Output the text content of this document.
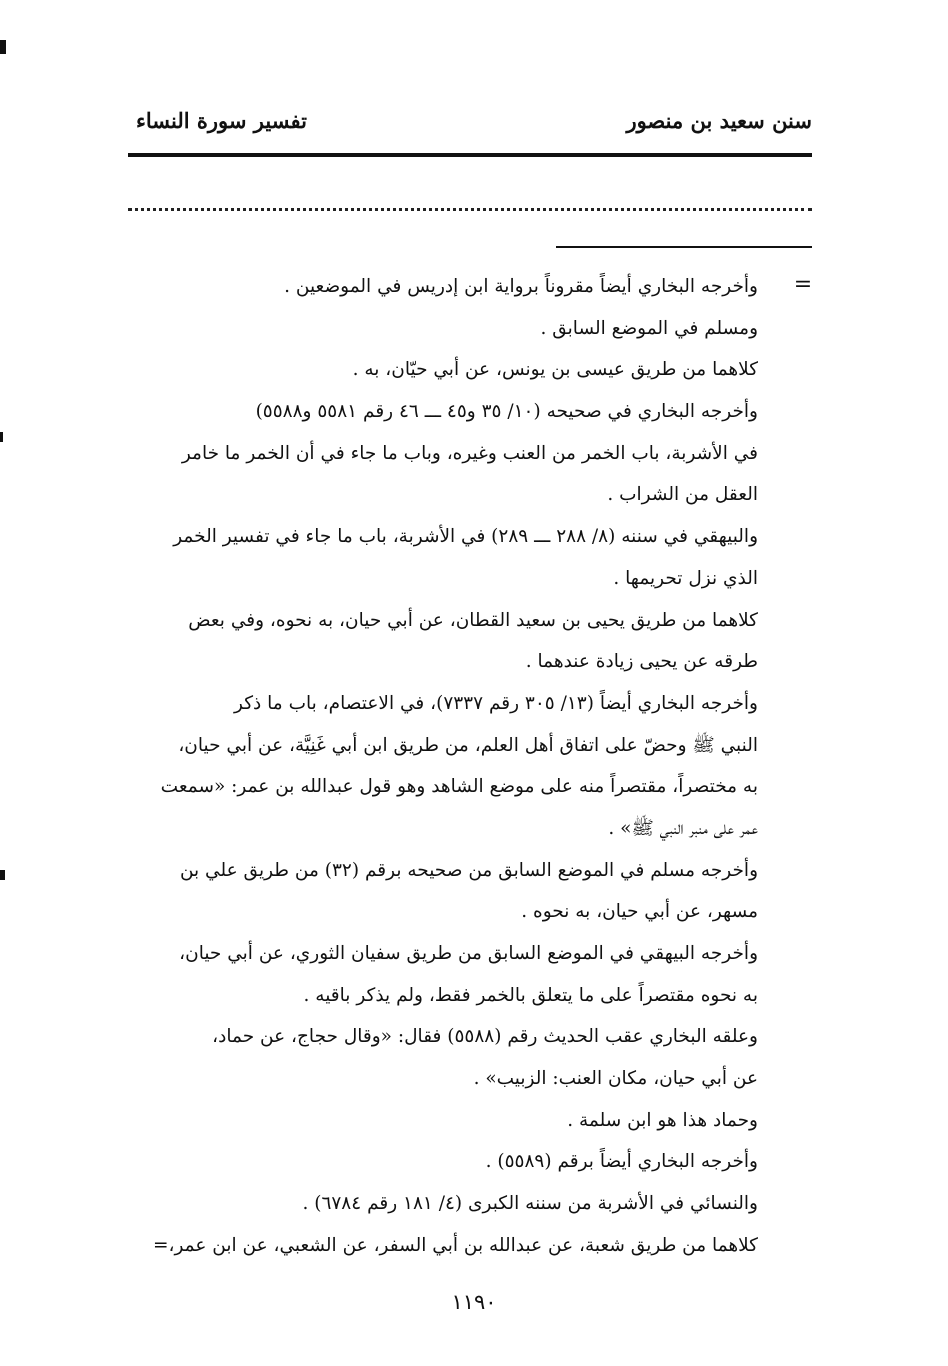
سنن سعيد بن منصور
تفسير سورة النساء
=
وأخرجه البخاري أيضاً مقروناً برواية ابن إدريس في الموضعين .
ومسلم في الموضع السابق .
كلاهما من طريق عيسى بن يونس، عن أبي حيّان، به .
وأخرجه البخاري في صحيحه (١٠/ ٣٥ و٤٥ ـــ ٤٦ رقم ٥٥٨١ و٥٥٨٨)
في الأشربة، باب الخمر من العنب وغيره، وباب ما جاء في أن الخمر ما خامر
العقل من الشراب .
والبيهقي في سننه (٨/ ٢٨٨ ـــ ٢٨٩) في الأشربة، باب ما جاء في تفسير الخمر
الذي نزل تحريمها .
كلاهما من طريق يحيى بن سعيد القطان، عن أبي حيان، به نحوه، وفي بعض
طرقه عن يحيى زيادة عندهما .
وأخرجه البخاري أيضاً (١٣/ ٣٠٥ رقم ٧٣٣٧)، في الاعتصام، باب ما ذكر
النبي ﷺ وحضّ على اتفاق أهل العلم، من طريق ابن أبي غَنِيَّة، عن أبي حيان،
به مختصراً، مقتصراً منه على موضع الشاهد وهو قول عبدالله بن عمر: «سمعت
عمر على منبر النبي ﷺ» .
وأخرجه مسلم في الموضع السابق من صحيحه برقم (٣٢) من طريق علي بن
مسهر، عن أبي حيان، به نحوه .
وأخرجه البيهقي في الموضع السابق من طريق سفيان الثوري، عن أبي حيان،
به نحوه مقتصراً على ما يتعلق بالخمر فقط، ولم يذكر باقيه .
وعلقه البخاري عقب الحديث رقم (٥٥٨٨) فقال: «وقال حجاج، عن حماد،
عن أبي حيان، مكان العنب: الزبيب» .
وحماد هذا هو ابن سلمة .
وأخرجه البخاري أيضاً برقم (٥٥٨٩) .
والنسائي في الأشربة من سننه الكبرى (٤/ ١٨١ رقم ٦٧٨٤) .
كلاهما من طريق شعبة، عن عبدالله بن أبي السفر، عن الشعبي، عن ابن عمر،=
١١٩٠
